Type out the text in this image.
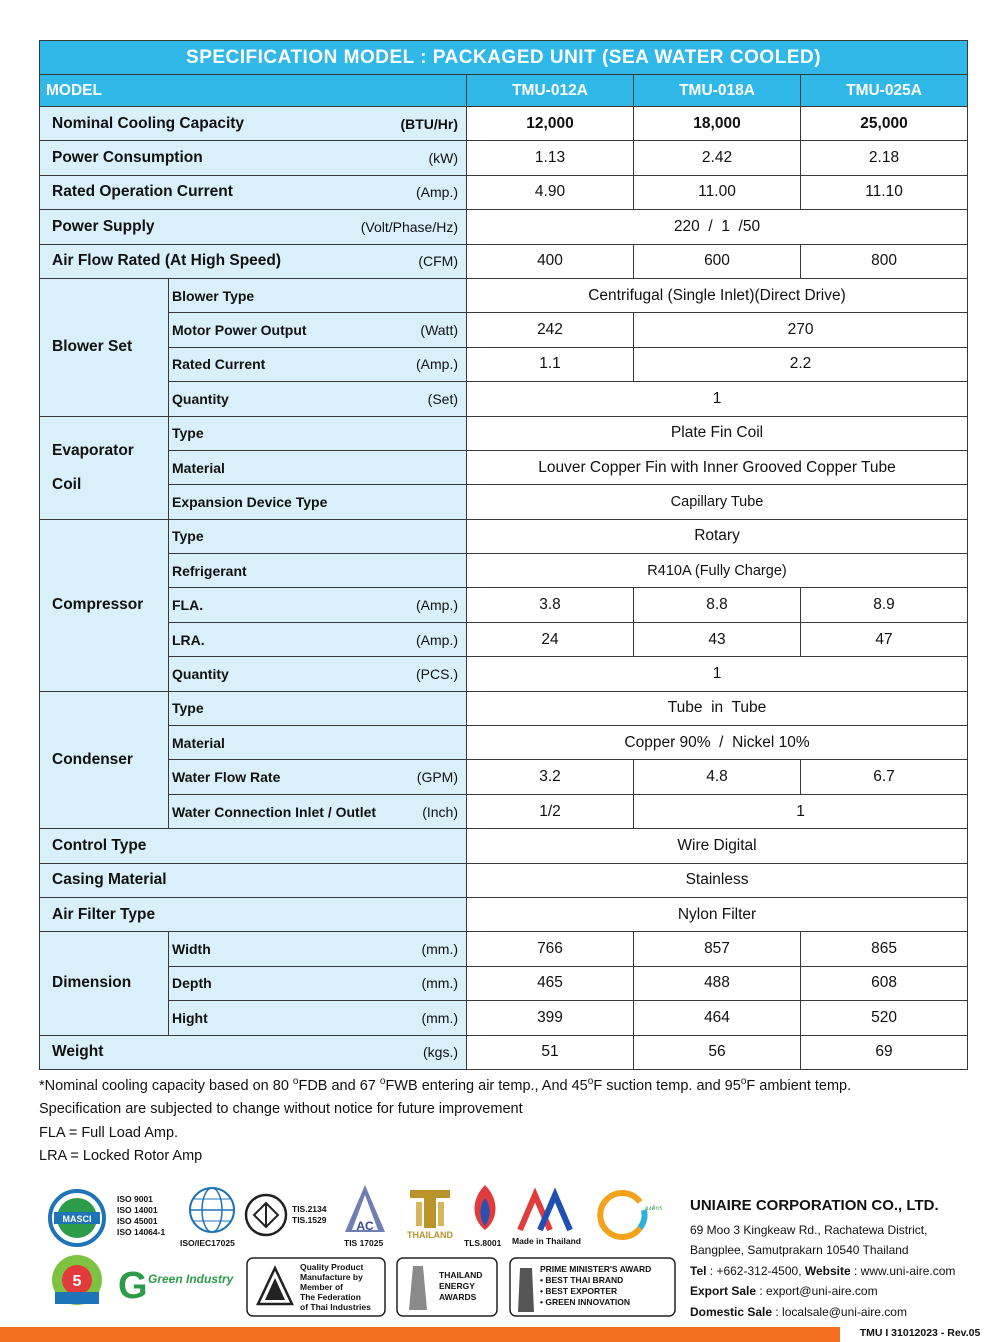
SPECIFICATION MODEL : PACKAGED UNIT (SEA WATER COOLED)				
MODEL		TMU-012A	TMU-018A	TMU-025A

Nominal Cooling Capacity (BTU/Hr)		12,000	18,000	25,000

Power Consumption (kW)		1.13	2.42	2.18

Rated Operation Current (Amp.)		4.90	11.00	11.10

Power Supply (Volt/Phase/Hz)		220  /  1  /50		

Air Flow Rated (At High Speed) (CFM)		400	600	800
Blower Set	Blower Type	Centrifugal (Single Inlet)(Direct Drive)		

	Motor Power Output (Watt)	242	270	

	Rated Current (Amp.)	1.1	2.2	

	Quantity (Set)	1		
Evaporator
Coil	Type	Plate Fin Coil		
	Material	Louver Copper Fin with Inner Grooved Copper Tube		
	Expansion Device Type	Capillary Tube		
Compressor	Type	Rotary		
	Refrigerant	R410A (Fully Charge)		

	FLA. (Amp.)	3.8	8.8	8.9

	LRA. (Amp.)	24	43	47

	Quantity (PCS.)	1		
Condenser	Type	Tube  in  Tube		
	Material	Copper 90%  /  Nickel 10%		

	Water Flow Rate (GPM)	3.2	4.8	6.7

	Water Connection Inlet / Outlet (Inch)	1/2	1	

Control Type		Wire Digital		

Casing Material		Stainless		

Air Filter Type		Nylon Filter		
Dimension	Width (mm.)	766	857	865

	Depth (mm.)	465	488	608

	Hight (mm.)	399	464	520

Weight (kgs.)		51	56	69
*Nominal cooling capacity based on 80 $^o$FDB and 67 $^o$FWB entering air temp., And 45$^o$F suction temp. and 95$^o$F ambient temp.
Specification are subjected to change without notice for future improvement
FLA = Full Load Amp.
LRA = Locked Rotor Amp
MASCI
ISO 9001
ISO 14001
ISO 45001
ISO 14064-1
ISO/IEC17025
TIS.2134
TIS.1529 AC
TIS 17025
THAILAND
TLS.8001 Made in Thailand
องค์กร
5 G Green Industry
Quality Product
Manufacture by
Member of
The Federation
of Thai Industries
THAILAND
ENERGY
AWARDS
PRIME MINISTER'S AWARD
• BEST THAI BRAND
• BEST EXPORTER
• GREEN INNOVATION
UNIAIRE CORPORATION CO., LTD.
69 Moo 3 Kingkeaw Rd., Rachatewa District,
Bangplee, Samutprakarn 10540 Thailand
Tel : +662-312-4500, Website : www.uni-aire.com
Export Sale : export@uni-aire.com
Domestic Sale : localsale@uni-aire.com
TMU I 31012023 - Rev.05
